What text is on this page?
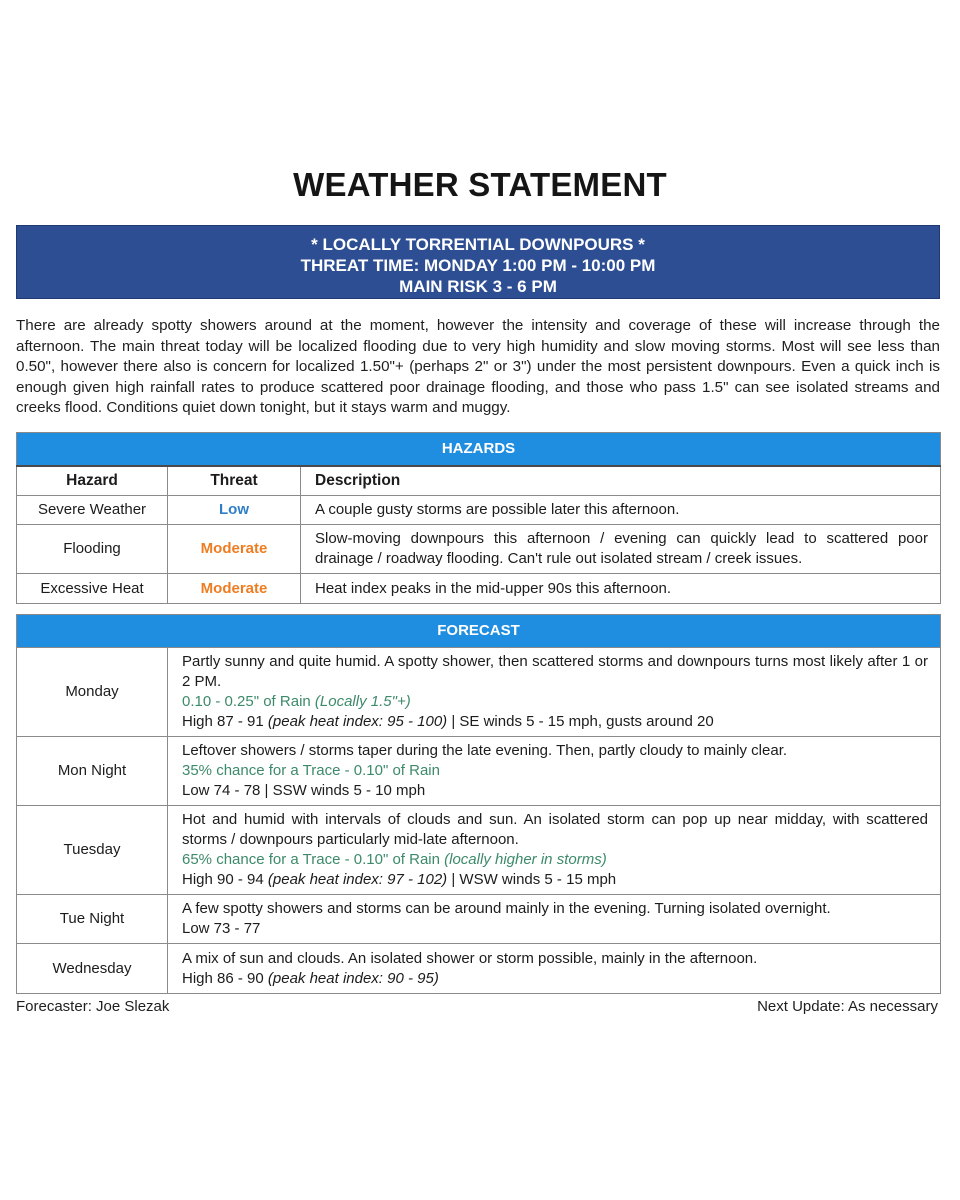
WEATHER STATEMENT
* LOCALLY TORRENTIAL DOWNPOURS *
THREAT TIME: MONDAY 1:00 PM - 10:00 PM
MAIN RISK 3 - 6 PM
There are already spotty showers around at the moment, however the intensity and coverage of these will increase through the afternoon. The main threat today will be localized flooding due to very high humidity and slow moving storms. Most will see less than 0.50", however there also is concern for localized 1.50"+ (perhaps 2" or 3") under the most persistent downpours. Even a quick inch is enough given high rainfall rates to produce scattered poor drainage flooding, and those who pass 1.5" can see isolated streams and creeks flood. Conditions quiet down tonight, but it stays warm and muggy.
HAZARDS		
Hazard	Threat	Description
Severe Weather	Low	A couple gusty storms are possible later this afternoon.
Flooding	Moderate	Slow-moving downpours this afternoon / evening can quickly lead to scattered poor drainage / roadway flooding. Can't rule out isolated stream / creek issues.
Excessive Heat	Moderate	Heat index peaks in the mid-upper 90s this afternoon.
FORECAST	
Monday	Partly sunny and quite humid. A spotty shower, then scattered storms and downpours turns most likely after 1 or 2 PM.
0.10 - 0.25" of Rain (Locally 1.5"+)
High 87 - 91 (peak heat index: 95 - 100) | SE winds 5 - 15 mph, gusts around 20

Mon Night	Leftover showers / storms taper during the late evening. Then, partly cloudy to mainly clear.
35% chance for a Trace - 0.10" of Rain
Low 74 - 78 | SSW winds 5 - 10 mph

Tuesday	Hot and humid with intervals of clouds and sun. An isolated storm can pop up near midday, with scattered storms / downpours particularly mid-late afternoon.
65% chance for a Trace - 0.10" of Rain (locally higher in storms)
High 90 - 94 (peak heat index: 97 - 102) | WSW winds 5 - 15 mph

Tue Night	A few spotty showers and storms can be around mainly in the evening. Turning isolated overnight.
Low 73 - 77

Wednesday	A mix of sun and clouds. An isolated shower or storm possible, mainly in the afternoon.
High 86 - 90 (peak heat index: 90 - 95)
Forecaster: Joe Slezak	Next Update: As necessary
